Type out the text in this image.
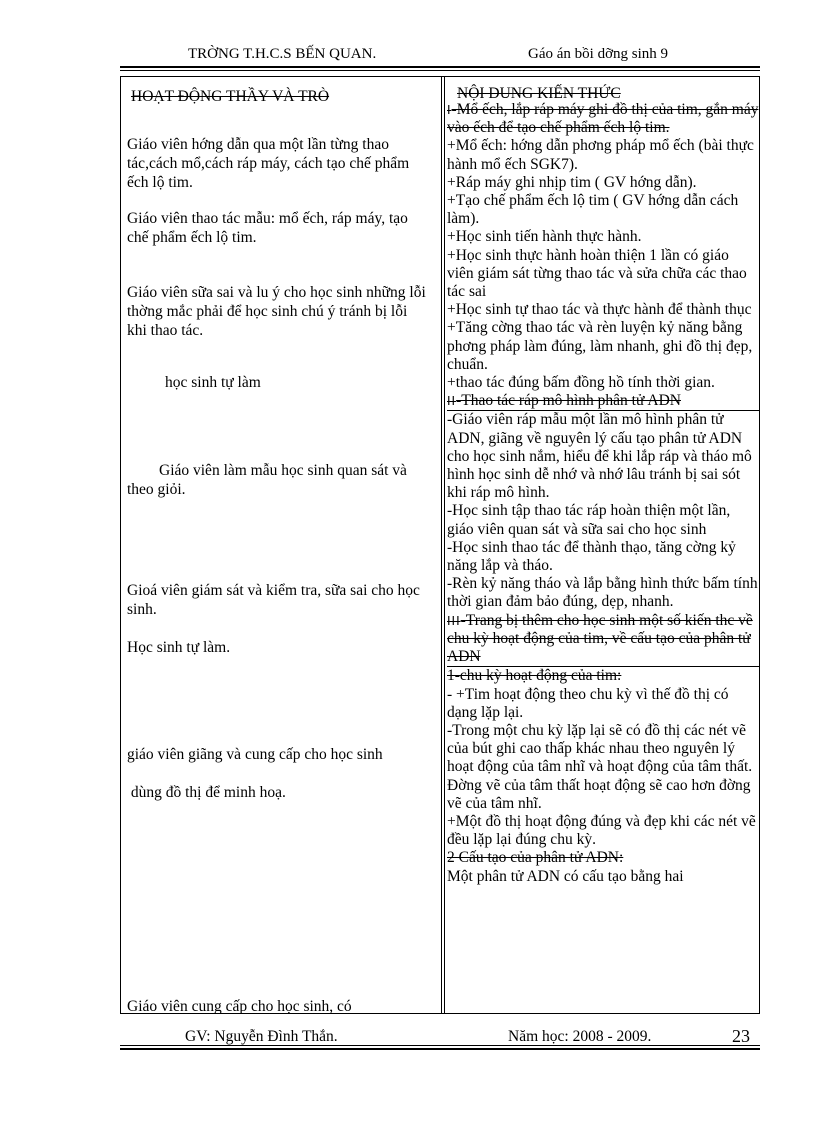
TRỜNG T.H.C.S BẾN QUAN.	Gáo án bồi dỡng sinh 9
HOẠT ĐỘNG THẦY VÀ TRÒ

Giáo viên hớng dẫn qua một lần từng thao tác,cách mổ,cách ráp máy, cách tạo chế phẩm ếch lộ tim.

Giáo viên thao tác mẫu: mổ ếch, ráp máy, tạo chế phẩm ếch lộ tim.

Giáo viên sữa sai và lu ý cho học sinh những lỗi thờng mắc phải để học sinh chú ý tránh bị lỗi khi thao tác.

học sinh tự làm

Giáo viên làm mẫu học sinh quan sát và theo giỏi.

Gioá viên giám sát và kiểm tra, sữa sai cho học sinh.

Học sinh tự làm.

giáo viên giãng và cung cấp cho học sinh

dùng đồ thị để minh hoạ.

Giáo viên cung cấp cho học sinh, có

NỘI DUNG KIẾN THỨC

I-Mổ ếch, lắp ráp máy ghi đồ thị của tim, gắn máy vào ếch để tạo chế phẩm ếch lộ tim.

+Mổ ếch: hớng dẫn phơng pháp mổ ếch (bài thực hành mổ ếch SGK7).

+Ráp máy ghi nhịp tim ( GV hớng dẫn).

+Tạo chế phẩm ếch lộ tim ( GV hớng dẫn cách làm).

+Học sinh tiến hành thực hành.

+Học sinh thực hành hoàn thiện 1 lần có giáo viên giám sát từng thao tác và sửa chữa các thao tác sai

+Học sinh tự thao tác và thực hành để thành thục

+Tăng cờng thao tác và rèn luyện kỷ năng bằng phơng pháp làm đúng, làm nhanh, ghi đồ thị đẹp, chuẩn.

+thao tác đúng bấm đồng hồ tính thời gian.

II-Thao tác ráp mô hình phân tử ADN

-Giáo viên ráp mẫu một lần mô hình phân tử ADN, giãng về nguyên lý cấu tạo phân tử ADN cho học sinh nắm, hiểu để khi lắp ráp và tháo mô hình học sinh dễ nhớ và nhớ lâu tránh bị sai sót khi ráp mô hình.

-Học sinh tập thao tác ráp hoàn thiện một lần, giáo viên quan sát và sữa sai cho học sinh

-Học sinh thao tác để thành thạo, tăng cờng kỷ năng lắp và tháo.

-Rèn kỷ năng tháo và lắp bằng hình thức bấm tính thời gian đảm bảo đúng, dẹp, nhanh.

III-Trang bị thêm cho học sinh một số kiến thc về chu kỳ hoạt động của tim, về cấu tạo của phân tử ADN

1-chu kỳ hoạt động của tim:

- +Tim hoạt động theo chu kỳ vì thế đồ thị có dạng lặp lại.

-Trong một chu kỳ lặp lại sẽ có đồ thị các nét vẽ của bút ghi cao thấp khác nhau theo nguyên lý hoạt động của tâm nhĩ và hoạt động của tâm thất. Đờng vẽ của tâm thất hoạt động sẽ cao hơn đờng vẽ của tâm nhĩ.

+Một đồ thị hoạt động đúng và đẹp khi các nét vẽ đều lặp lại đúng chu kỳ.

2 Cấu tạo của phân tử ADN:

Một phân tử ADN có cấu tạo bằng hai

GV: Nguyễn Đình Thắn.	Năm học: 2008 - 2009.	23
